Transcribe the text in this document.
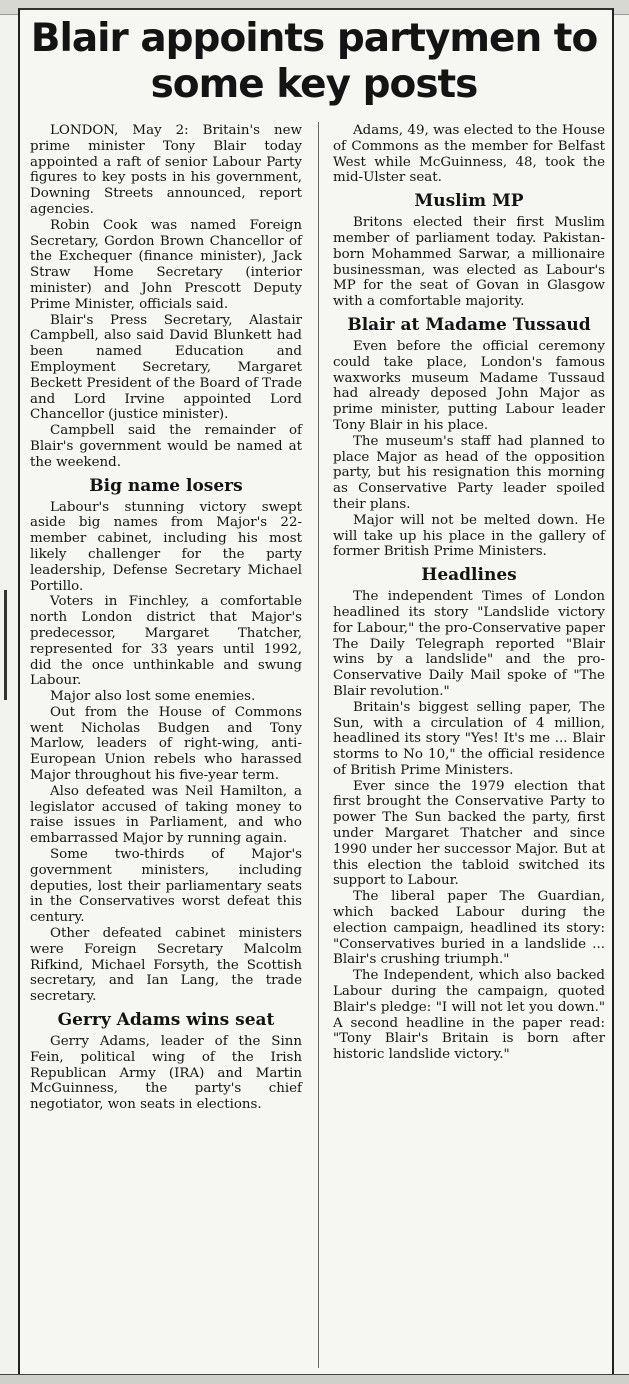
Blair appoints partymen to some key posts

LONDON, May 2: Britain's new prime minister Tony Blair today appointed a raft of senior Labour Party figures to key posts in his government, Downing Streets announced, report agencies.

Robin Cook was named Foreign Secretary, Gordon Brown Chancellor of the Exchequer (finance minister), Jack Straw Home Secretary (interior minister) and John Prescott Deputy Prime Minister, officials said.

Blair's Press Secretary, Alastair Campbell, also said David Blunkett had been named Education and Employment Secretary, Margaret Beckett President of the Board of Trade and Lord Irvine appointed Lord Chancellor (justice minister).

Campbell said the remainder of Blair's government would be named at the weekend.

Big name losers

Labour's stunning victory swept aside big names from Major's 22-member cabinet, including his most likely challenger for the party leadership, Defense Secretary Michael Portillo.

Voters in Finchley, a comfortable north London district that Major's predecessor, Margaret Thatcher, represented for 33 years until 1992, did the once unthinkable and swung Labour.

Major also lost some enemies.

Out from the House of Commons went Nicholas Budgen and Tony Marlow, leaders of right-wing, anti-European Union rebels who harassed Major throughout his five-year term.

Also defeated was Neil Hamilton, a legislator accused of taking money to raise issues in Parliament, and who embarrassed Major by running again.

Some two-thirds of Major's government ministers, including deputies, lost their parliamentary seats in the Conservatives worst defeat this century.

Other defeated cabinet ministers were Foreign Secretary Malcolm Rifkind, Michael Forsyth, the Scottish secretary, and Ian Lang, the trade secretary.

Gerry Adams wins seat

Gerry Adams, leader of the Sinn Fein, political wing of the Irish Republican Army (IRA) and Martin McGuinness, the party's chief negotiator, won seats in elections.

Adams, 49, was elected to the House of Commons as the member for Belfast West while McGuinness, 48, took the mid-Ulster seat.

Muslim MP

Britons elected their first Muslim member of parliament today. Pakistan-born Mohammed Sarwar, a millionaire businessman, was elected as Labour's MP for the seat of Govan in Glasgow with a comfortable majority.

Blair at Madame Tussaud

Even before the official ceremony could take place, London's famous waxworks museum Madame Tussaud had already deposed John Major as prime minister, putting Labour leader Tony Blair in his place.

The museum's staff had planned to place Major as head of the opposition party, but his resignation this morning as Conservative Party leader spoiled their plans.

Major will not be melted down. He will take up his place in the gallery of former British Prime Ministers.

Headlines

The independent Times of London headlined its story "Landslide victory for Labour," the pro-Conservative paper The Daily Telegraph reported "Blair wins by a landslide" and the pro-Conservative Daily Mail spoke of "The Blair revolution."

Britain's biggest selling paper, The Sun, with a circulation of 4 million, headlined its story "Yes! It's me ... Blair storms to No 10," the official residence of British Prime Ministers.

Ever since the 1979 election that first brought the Conservative Party to power The Sun backed the party, first under Margaret Thatcher and since 1990 under her successor Major. But at this election the tabloid switched its support to Labour.

The liberal paper The Guardian, which backed Labour during the election campaign, headlined its story: "Conservatives buried in a landslide ... Blair's crushing triumph."

The Independent, which also backed Labour during the campaign, quoted Blair's pledge: "I will not let you down." A second headline in the paper read: "Tony Blair's Britain is born after historic landslide victory."
